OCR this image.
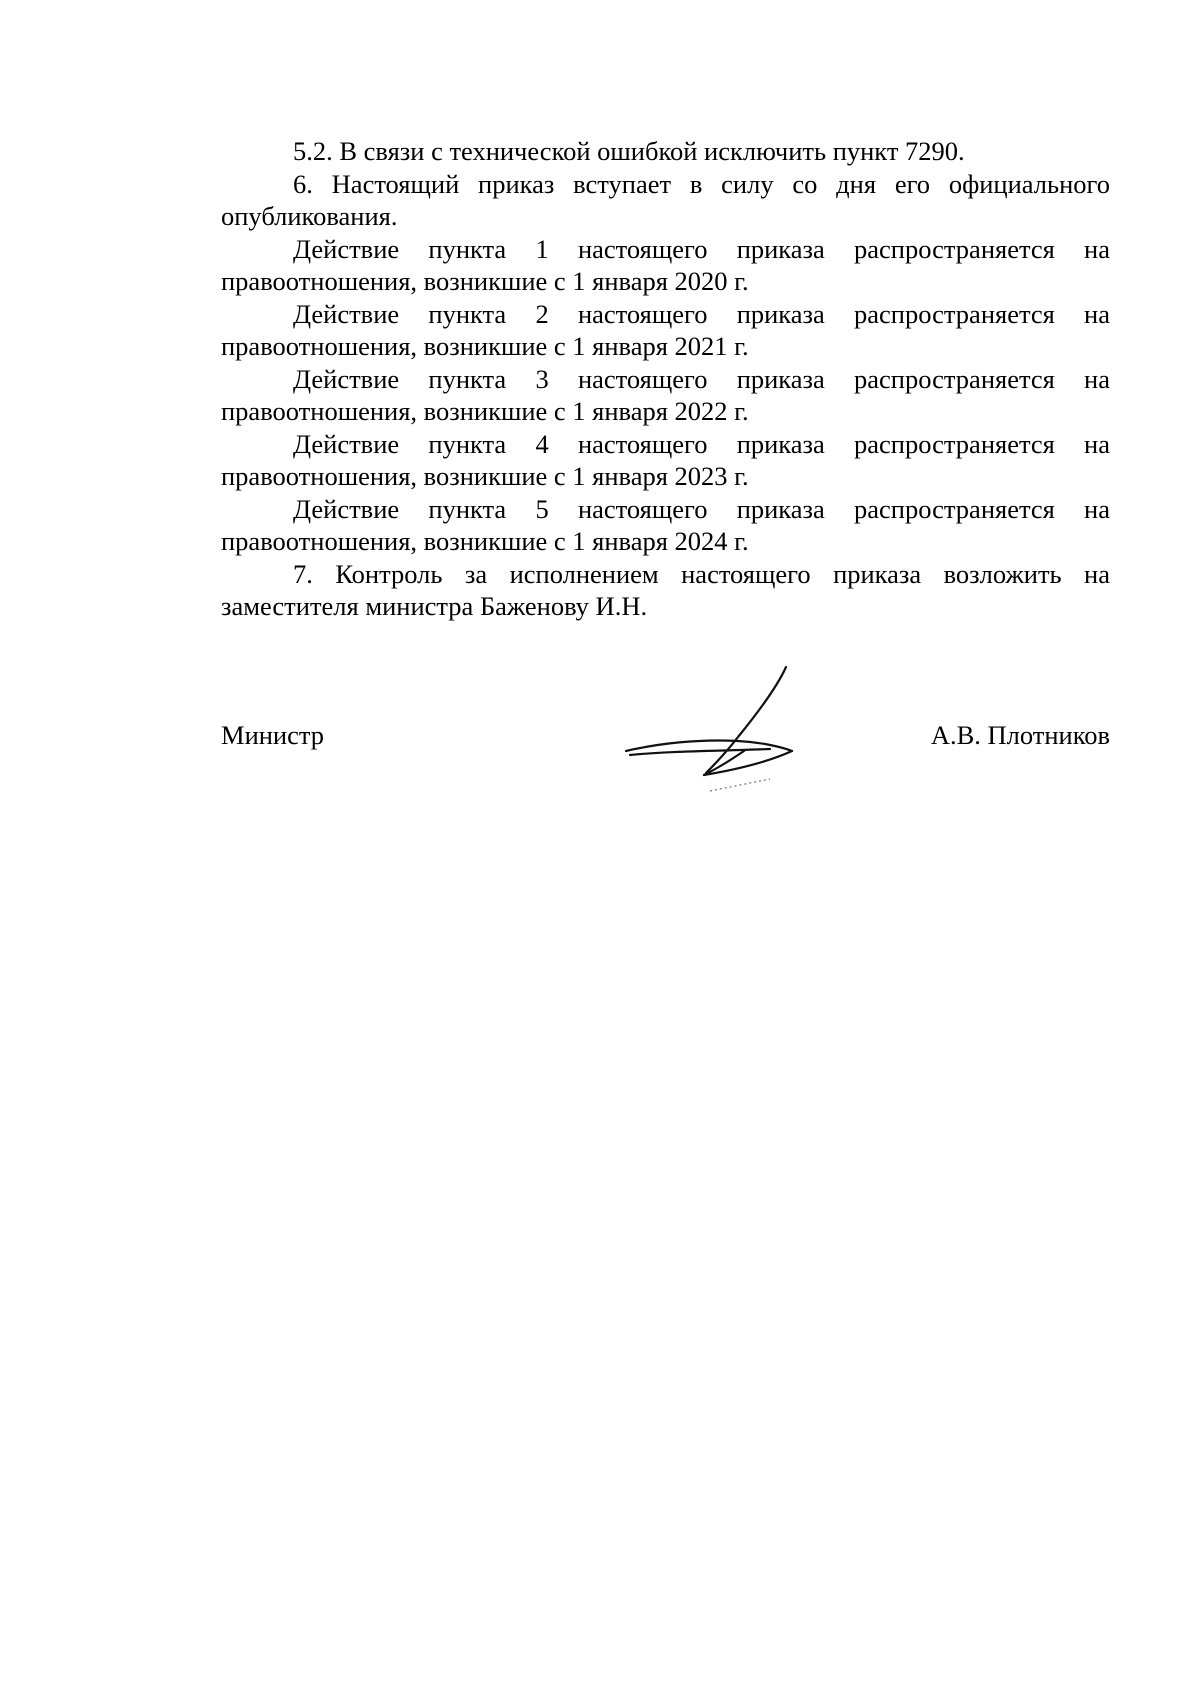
5.2. В связи с технической ошибкой исключить пункт 7290.

6. Настоящий приказ вступает в силу со дня его официального опубликования.

Действие пункта 1 настоящего приказа распространяется на правоотношения, возникшие с 1 января 2020 г.

Действие пункта 2 настоящего приказа распространяется на правоотношения, возникшие с 1 января 2021 г.

Действие пункта 3 настоящего приказа распространяется на правоотношения, возникшие с 1 января 2022 г.

Действие пункта 4 настоящего приказа распространяется на правоотношения, возникшие с 1 января 2023 г.

Действие пункта 5 настоящего приказа распространяется на правоотношения, возникшие с 1 января 2024 г.

7. Контроль за исполнением настоящего приказа возложить на заместителя министра Баженову И.Н.

Министр	А.В. Плотников
